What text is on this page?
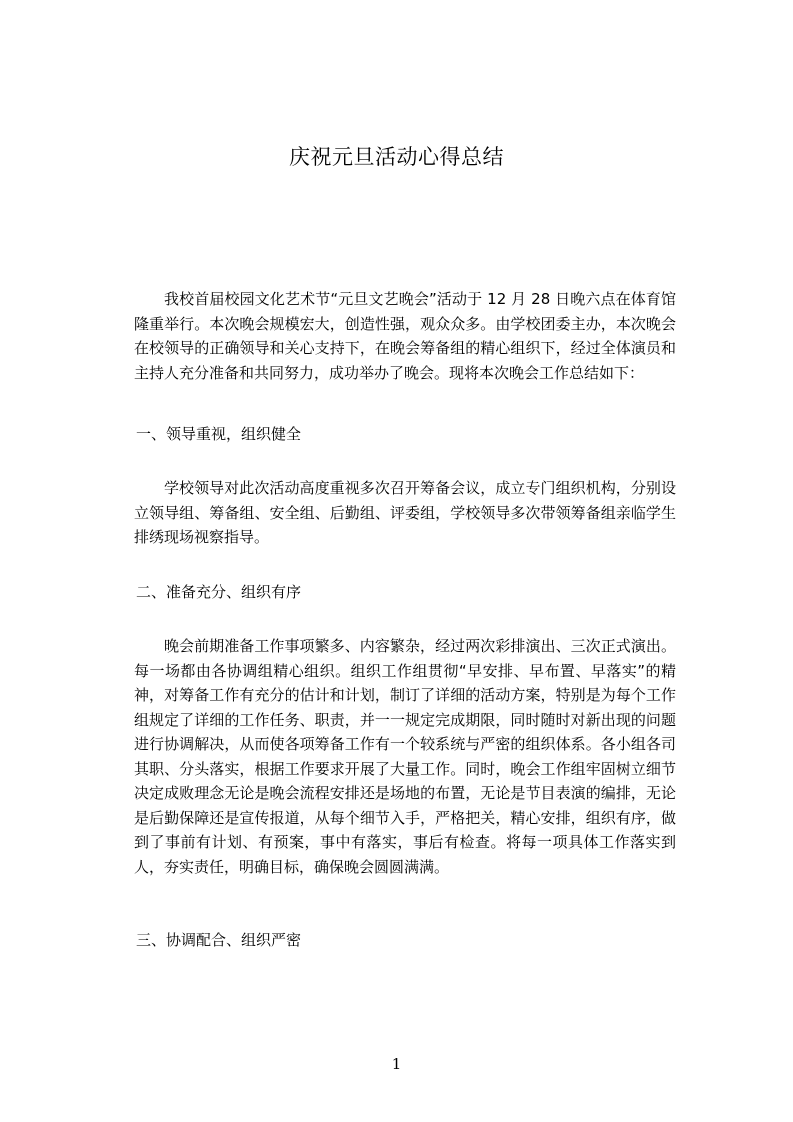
庆祝元旦活动心得总结

我校首届校园文化艺术节“元旦文艺晚会”活动于 12 月 28 日晚六点在体育馆隆重举行。本次晚会规模宏大，创造性强，观众众多。由学校团委主办，本次晚会在校领导的正确领导和关心支持下，在晚会筹备组的精心组织下，经过全体演员和主持人充分准备和共同努力，成功举办了晚会。现将本次晚会工作总结如下：

一、领导重视，组织健全

学校领导对此次活动高度重视多次召开筹备会议，成立专门组织机构，分别设立领导组、筹备组、安全组、后勤组、评委组，学校领导多次带领筹备组亲临学生排绣现场视察指导。

二、准备充分、组织有序

晚会前期准备工作事项繁多、内容繁杂，经过两次彩排演出、三次正式演出。每一场都由各协调组精心组织。组织工作组贯彻“早安排、早布置、早落实”的精神，对筹备工作有充分的估计和计划，制订了详细的活动方案，特别是为每个工作组规定了详细的工作任务、职责，并一一规定完成期限，同时随时对新出现的问题进行协调解决，从而使各项筹备工作有一个较系统与严密的组织体系。各小组各司其职、分头落实，根据工作要求开展了大量工作。同时，晚会工作组牢固树立细节决定成败理念无论是晚会流程安排还是场地的布置，无论是节目表演的编排，无论是后勤保障还是宣传报道，从每个细节入手，严格把关，精心安排，组织有序，做到了事前有计划、有预案，事中有落实，事后有检查。将每一项具体工作落实到人，夯实责任，明确目标，确保晚会圆圆满满。

三、协调配合、组织严密

1
